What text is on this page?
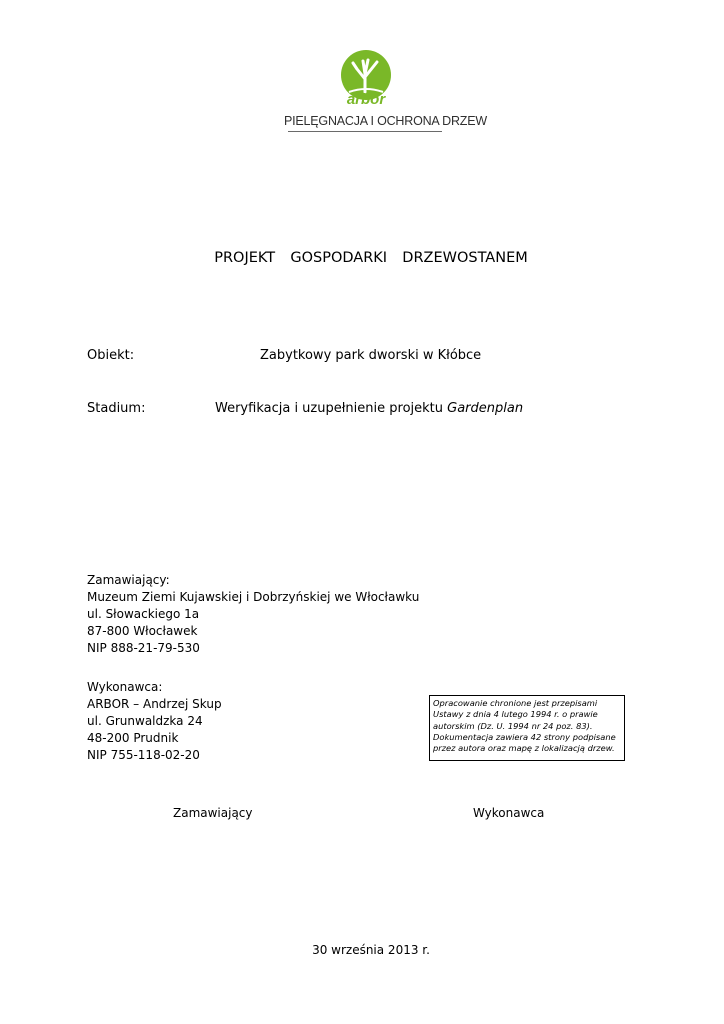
arbor
PIELĘGNACJA I OCHRONA DRZEW
PROJEKT  GOSPODARKI  DRZEWOSTANEM
Obiekt:	Zabytkowy park dworski w Kłóbce
Stadium:	Weryfikacja i uzupełnienie projektu Gardenplan
Zamawiający:
Muzeum Ziemi Kujawskiej i Dobrzyńskiej we Włocławku
ul. Słowackiego 1a
87-800 Włocławek
NIP 888-21-79-530
Wykonawca:
ARBOR – Andrzej Skup
ul. Grunwaldzka 24
48-200 Prudnik
NIP 755-118-02-20
Opracowanie chronione jest przepisami
Ustawy z dnia 4 lutego 1994 r. o prawie
autorskim (Dz. U. 1994 nr 24 poz. 83).
Dokumentacja zawiera 42 strony podpisane
przez autora oraz mapę z lokalizacją drzew.
Zamawiający	Wykonawca
30 września 2013 r.
